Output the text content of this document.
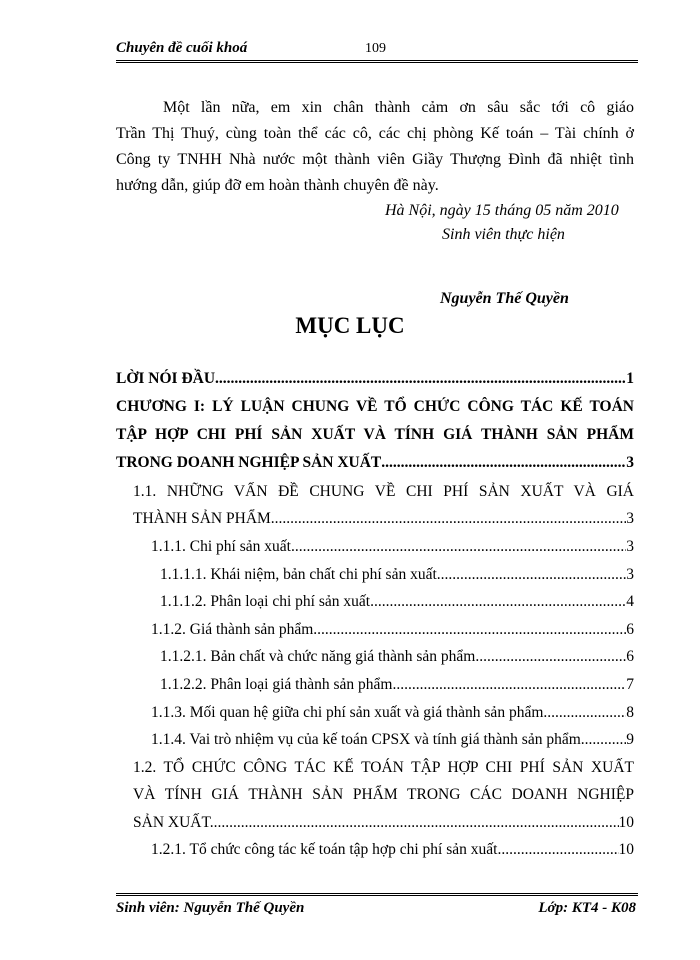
Chuyên đề cuối khoá	109
Một lần nữa, em xin chân thành cảm ơn sâu sắc tới cô giáo
Trần Thị Thuý, cùng toàn thể các cô, các chị phòng Kế toán – Tài chính ở
Công ty TNHH Nhà nước một thành viên Giầy Thượng Đình đã nhiệt tình
hướng dẫn, giúp đỡ em hoàn thành chuyên đề này.
Hà Nội, ngày 15 tháng 05 năm 2010
Sinh viên thực hiện
Nguyễn Thế Quyền
MỤC LỤC
LỜI NÓI ĐẦU .....	1
CHƯƠNG I: LÝ LUẬN CHUNG VỀ TỔ CHỨC CÔNG TÁC KẾ TOÁN
TẬP HỢP CHI PHÍ SẢN XUẤT VÀ TÍNH GIÁ THÀNH SẢN PHẨM
TRONG DOANH NGHIỆP SẢN XUẤT .....	3
1.1. NHỮNG VẤN ĐỀ CHUNG VỀ CHI PHÍ SẢN XUẤT VÀ GIÁ
THÀNH SẢN PHẨM .....	3
1.1.1. Chi phí sản xuất .....	3
1.1.1.1. Khái niệm, bản chất chi phí sản xuất .....	3
1.1.1.2. Phân loại chi phí sản xuất .....	4
1.1.2. Giá thành sản phẩm .....	6
1.1.2.1. Bản chất và chức năng giá thành sản phẩm .....	6
1.1.2.2. Phân loại giá thành sản phẩm .....	7
1.1.3. Mối quan hệ giữa chi phí sản xuất và giá thành sản phẩm .....	8
1.1.4. Vai trò nhiệm vụ của kế toán CPSX và tính giá thành sản phẩm .....	9
1.2. TỔ CHỨC CÔNG TÁC KẾ TOÁN TẬP HỢP CHI PHÍ SẢN XUẤT
VÀ TÍNH GIÁ THÀNH SẢN PHẨM TRONG CÁC DOANH NGHIỆP
SẢN XUẤT. .....	10
1.2.1. Tổ chức công tác kế toán tập hợp chi phí sản xuất .....	10
Sinh viên: Nguyễn Thế Quyền	Lớp: KT4 - K08
